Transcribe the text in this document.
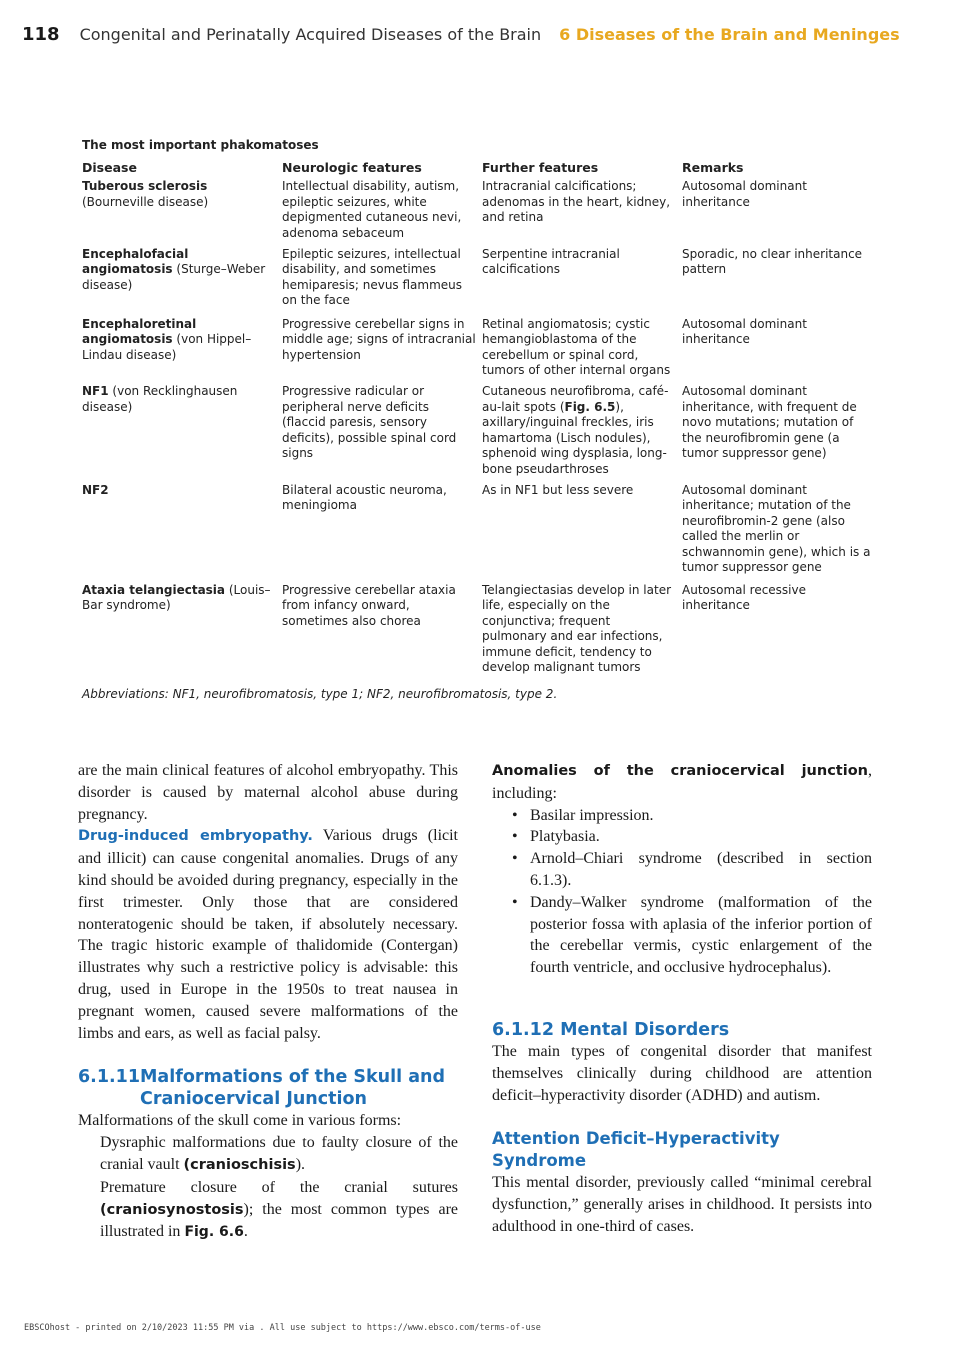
118 Congenital and Perinatally Acquired Diseases of the Brain 6 Diseases of the Brain and Meninges
The most important phakomatoses
Disease	Neurologic features	Further features	Remarks
Tuberous sclerosis (Bourneville disease)	Intellectual disability, autism, epileptic seizures, white depigmented cutaneous nevi, adenoma sebaceum	Intracranial calcifications; adenomas in the heart, kidney, and retina	Autosomal dominant inheritance
Encephalofacial angiomatosis (Sturge–Weber disease)	Epileptic seizures, intellectual disability, and sometimes hemiparesis; nevus flammeus on the face	Serpentine intracranial calcifications	Sporadic, no clear inheritance pattern
Encephaloretinal angiomatosis (von Hippel–Lindau disease)	Progressive cerebellar signs in middle age; signs of intracranial hypertension	Retinal angiomatosis; cystic hemangioblastoma of the cerebellum or spinal cord, tumors of other internal organs	Autosomal dominant inheritance
NF1 (von Recklinghausen disease)	Progressive radicular or peripheral nerve deficits (flaccid paresis, sensory deficits), possible spinal cord signs	Cutaneous neurofibroma, café-au-lait spots (Fig. 6.5), axillary/inguinal freckles, iris hamartoma (Lisch nodules), sphenoid wing dysplasia, long-bone pseudarthroses	Autosomal dominant inheritance, with frequent de novo mutations; mutation of the neurofibromin gene (a tumor suppressor gene)
NF2	Bilateral acoustic neuroma, meningioma	As in NF1 but less severe	Autosomal dominant inheritance; mutation of the neurofibromin-2 gene (also called the merlin or schwannomin gene), which is a tumor suppressor gene
Ataxia telangiectasia (Louis–Bar syndrome)	Progressive cerebellar ataxia from infancy onward, sometimes also chorea	Telangiectasias develop in later life, especially on the conjunctiva; frequent pulmonary and ear infections, immune deficit, tendency to develop malignant tumors	Autosomal recessive inheritance
Abbreviations: NF1, neurofibromatosis, type 1; NF2, neurofibromatosis, type 2.
are the main clinical features of alcohol embryopathy. This disorder is caused by maternal alcohol abuse during pregnancy.
Drug-induced embryopathy. Various drugs (licit and illicit) can cause congenital anomalies. Drugs of any kind should be avoided during pregnancy, especially in the first trimester. Only those that are considered nonteratogenic should be taken, if absolutely necessary. The tragic historic example of thalidomide (Contergan) illustrates why such a restrictive policy is advisable: this drug, used in Europe in the 1950s to treat nausea in pregnant women, caused severe malformations of the limbs and ears, as well as facial palsy.
6.1.11 Malformations of the Skull and Craniocervical Junction
Malformations of the skull come in various forms:
Dysraphic malformations due to faulty closure of the cranial vault (cranioschisis).
Premature closure of the cranial sutures (craniosynostosis); the most common types are illustrated in Fig. 6.6.
Anomalies of the craniocervical junction, including:
• Basilar impression.
• Platybasia.
• Arnold–Chiari syndrome (described in section 6.1.3).
• Dandy–Walker syndrome (malformation of the posterior fossa with aplasia of the inferior portion of the cerebellar vermis, cystic enlargement of the fourth ventricle, and occlusive hydrocephalus).
6.1.12 Mental Disorders
The main types of congenital disorder that manifest themselves clinically during childhood are attention deficit–hyperactivity disorder (ADHD) and autism.
Attention Deficit–Hyperactivity Syndrome
This mental disorder, previously called “minimal cerebral dysfunction,” generally arises in childhood. It persists into adulthood in one-third of cases.
EBSCOhost - printed on 2/10/2023 11:55 PM via . All use subject to https://www.ebsco.com/terms-of-use
